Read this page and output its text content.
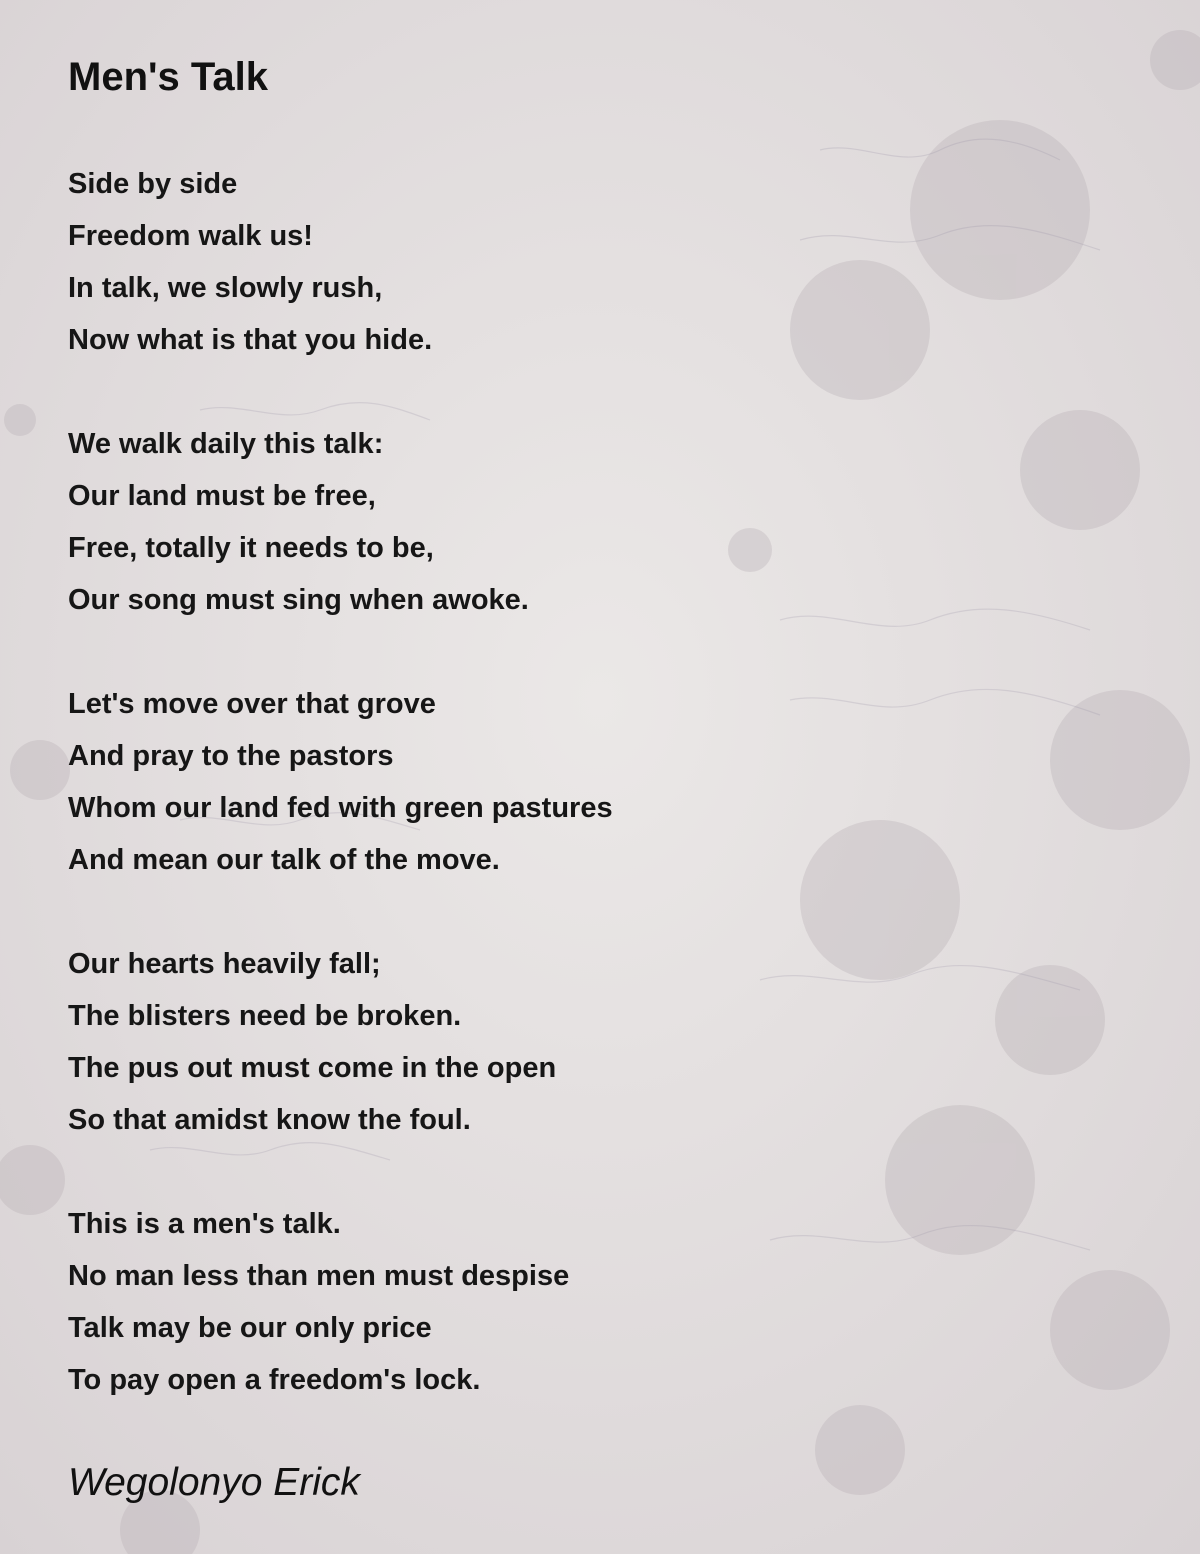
Men's Talk
Side by side
Freedom walk us!
In talk, we slowly rush,
Now what is that you hide.
We walk daily this talk:
Our land must be free,
Free, totally it needs to be,
Our song must sing when awoke.
Let's move over that grove
And pray to the pastors
Whom our land fed with green pastures
And mean our talk of the move.
Our hearts heavily fall;
The blisters need be broken.
The pus out must come in the open
So that amidst know the foul.
This is a men's talk.
No man less than men must despise
Talk may be our only price
To pay open a freedom's lock.
Wegolonyo Erick
